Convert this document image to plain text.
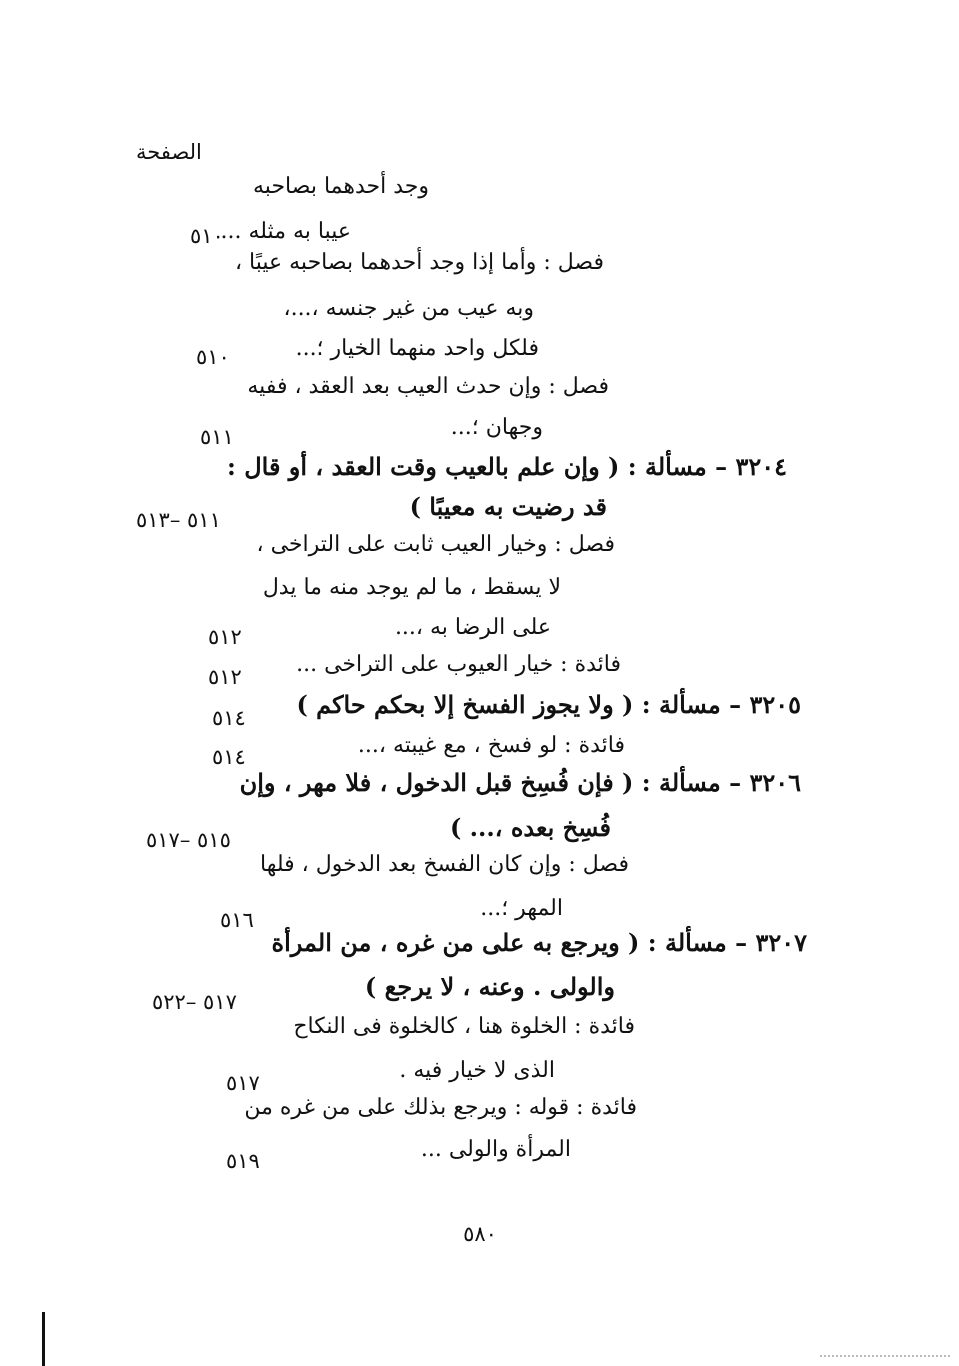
الصفحة
وجد أحدهما بصاحبه
عيبا به مثله ...
٥١٠
فصل : وأما إذا وجد أحدهما بصاحبه عيبًا ،
وبه عيب من غير جنسه ،...،
فلكل واحد منهما الخيار ؛...
٥١٠
فصل : وإن حدث العيب بعد العقد ، ففيه
وجهان ؛...
٥١١
٣٢٠٤ – مسألة : ( وإن علم بالعيب وقت العقد ، أو قال :
قد رضيت به معيبًا )
٥١١ –٥١٣
فصل : وخيار العيب ثابت على التراخى ،
لا يسقط ، ما لم يوجد منه ما يدل
على الرضا به ،...
٥١٢
فائدة : خيار العيوب على التراخى ...
٥١٢
٣٢٠٥ – مسألة : ( ولا يجوز الفسخ إلا بحكم حاكم )
٥١٤
فائدة : لو فسخ ، مع غيبته ،...
٥١٤
٣٢٠٦ – مسألة : ( فإن فُسِخ قبل الدخول ، فلا مهر ، وإن
فُسِخ بعده ،... )
٥١٥ –٥١٧
فصل : وإن كان الفسخ بعد الدخول ، فلها
المهر ؛...
٥١٦
٣٢٠٧ – مسألة : ( ويرجع به على من غره ، من المرأة
والولى . وعنه ، لا يرجع )
٥١٧ –٥٢٢
فائدة : الخلوة هنا ، كالخلوة فى النكاح
الذى لا خيار فيه .
٥١٧
فائدة : قوله : ويرجع بذلك على من غره من
المرأة والولى ...
٥١٩
٥٨٠
